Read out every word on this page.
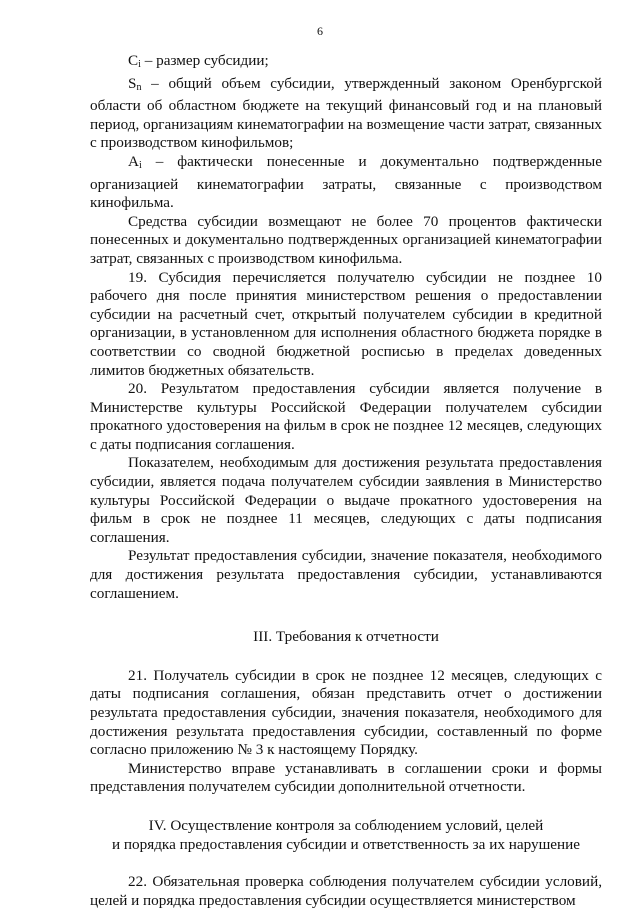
6

$C_i$ – размер субсидии;

$S_n$ – общий объем субсидии, утвержденный законом Оренбургской области об областном бюджете на текущий финансовый год и на плановый период, организациям кинематографии на возмещение части затрат, связанных с производством кинофильмов;

$A_i$ – фактически понесенные и документально подтвержденные организацией кинематографии затраты, связанные с производством кинофильма.

Средства субсидии возмещают не более 70 процентов фактически понесенных и документально подтвержденных организацией кинематографии затрат, связанных с производством кинофильма.

19. Субсидия перечисляется получателю субсидии не позднее 10 рабочего дня после принятия министерством решения о предоставлении субсидии на расчетный счет, открытый получателем субсидии в кредитной организации, в установленном для исполнения областного бюджета порядке в соответствии со сводной бюджетной росписью в пределах доведенных лимитов бюджетных обязательств.

20. Результатом предоставления субсидии является получение в Министерстве культуры Российской Федерации получателем субсидии прокатного удостоверения на фильм в срок не позднее 12 месяцев, следующих с даты подписания соглашения.

Показателем, необходимым для достижения результата предоставления субсидии, является подача получателем субсидии заявления в Министерство культуры Российской Федерации о выдаче прокатного удостоверения на фильм в срок не позднее 11 месяцев, следующих с даты подписания соглашения.

Результат предоставления субсидии, значение показателя, необходимого для достижения результата предоставления субсидии, устанавливаются соглашением.

III. Требования к отчетности

21. Получатель субсидии в срок не позднее 12 месяцев, следующих с даты подписания соглашения, обязан представить отчет о достижении результата предоставления субсидии, значения показателя, необходимого для достижения результата предоставления субсидии, составленный по форме согласно приложению № 3 к настоящему Порядку.

Министерство вправе устанавливать в соглашении сроки и формы представления получателем субсидии дополнительной отчетности.

IV. Осуществление контроля за соблюдением условий, целей
и порядка предоставления субсидии и ответственность за их нарушение

22. Обязательная проверка соблюдения получателем субсидии условий, целей и порядка предоставления субсидии осуществляется министерством
